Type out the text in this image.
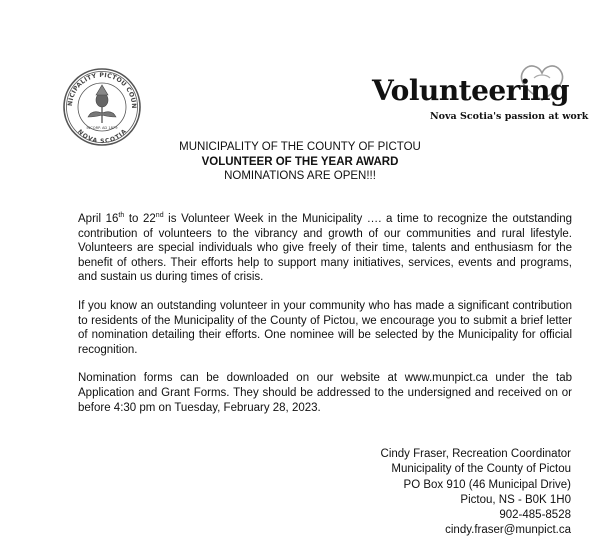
NICIPALITY PICTOU COUN
NOVA SCOTIA
INCORP. AD 1879
Volunteering
Nova Scotia's passion at work
MUNICIPALITY OF THE COUNTY OF PICTOU
VOLUNTEER OF THE YEAR AWARD
NOMINATIONS ARE OPEN!!!

April 16th to 22nd is Volunteer Week in the Municipality …. a time to recognize the outstanding contribution of volunteers to the vibrancy and growth of our communities and rural lifestyle. Volunteers are special individuals who give freely of their time, talents and enthusiasm for the benefit of others. Their efforts help to support many initiatives, services, events and programs, and sustain us during times of crisis.

If you know an outstanding volunteer in your community who has made a significant contribution to residents of the Municipality of the County of Pictou, we encourage you to submit a brief letter of nomination detailing their efforts. One nominee will be selected by the Municipality for official recognition.

Nomination forms can be downloaded on our website at www.munpict.ca under the tab Application and Grant Forms. They should be addressed to the undersigned and received on or before 4:30 pm on Tuesday, February 28, 2023.

Cindy Fraser, Recreation Coordinator
Municipality of the County of Pictou
PO Box 910 (46 Municipal Drive)
Pictou, NS - B0K 1H0
902-485-8528
cindy.fraser@munpict.ca
